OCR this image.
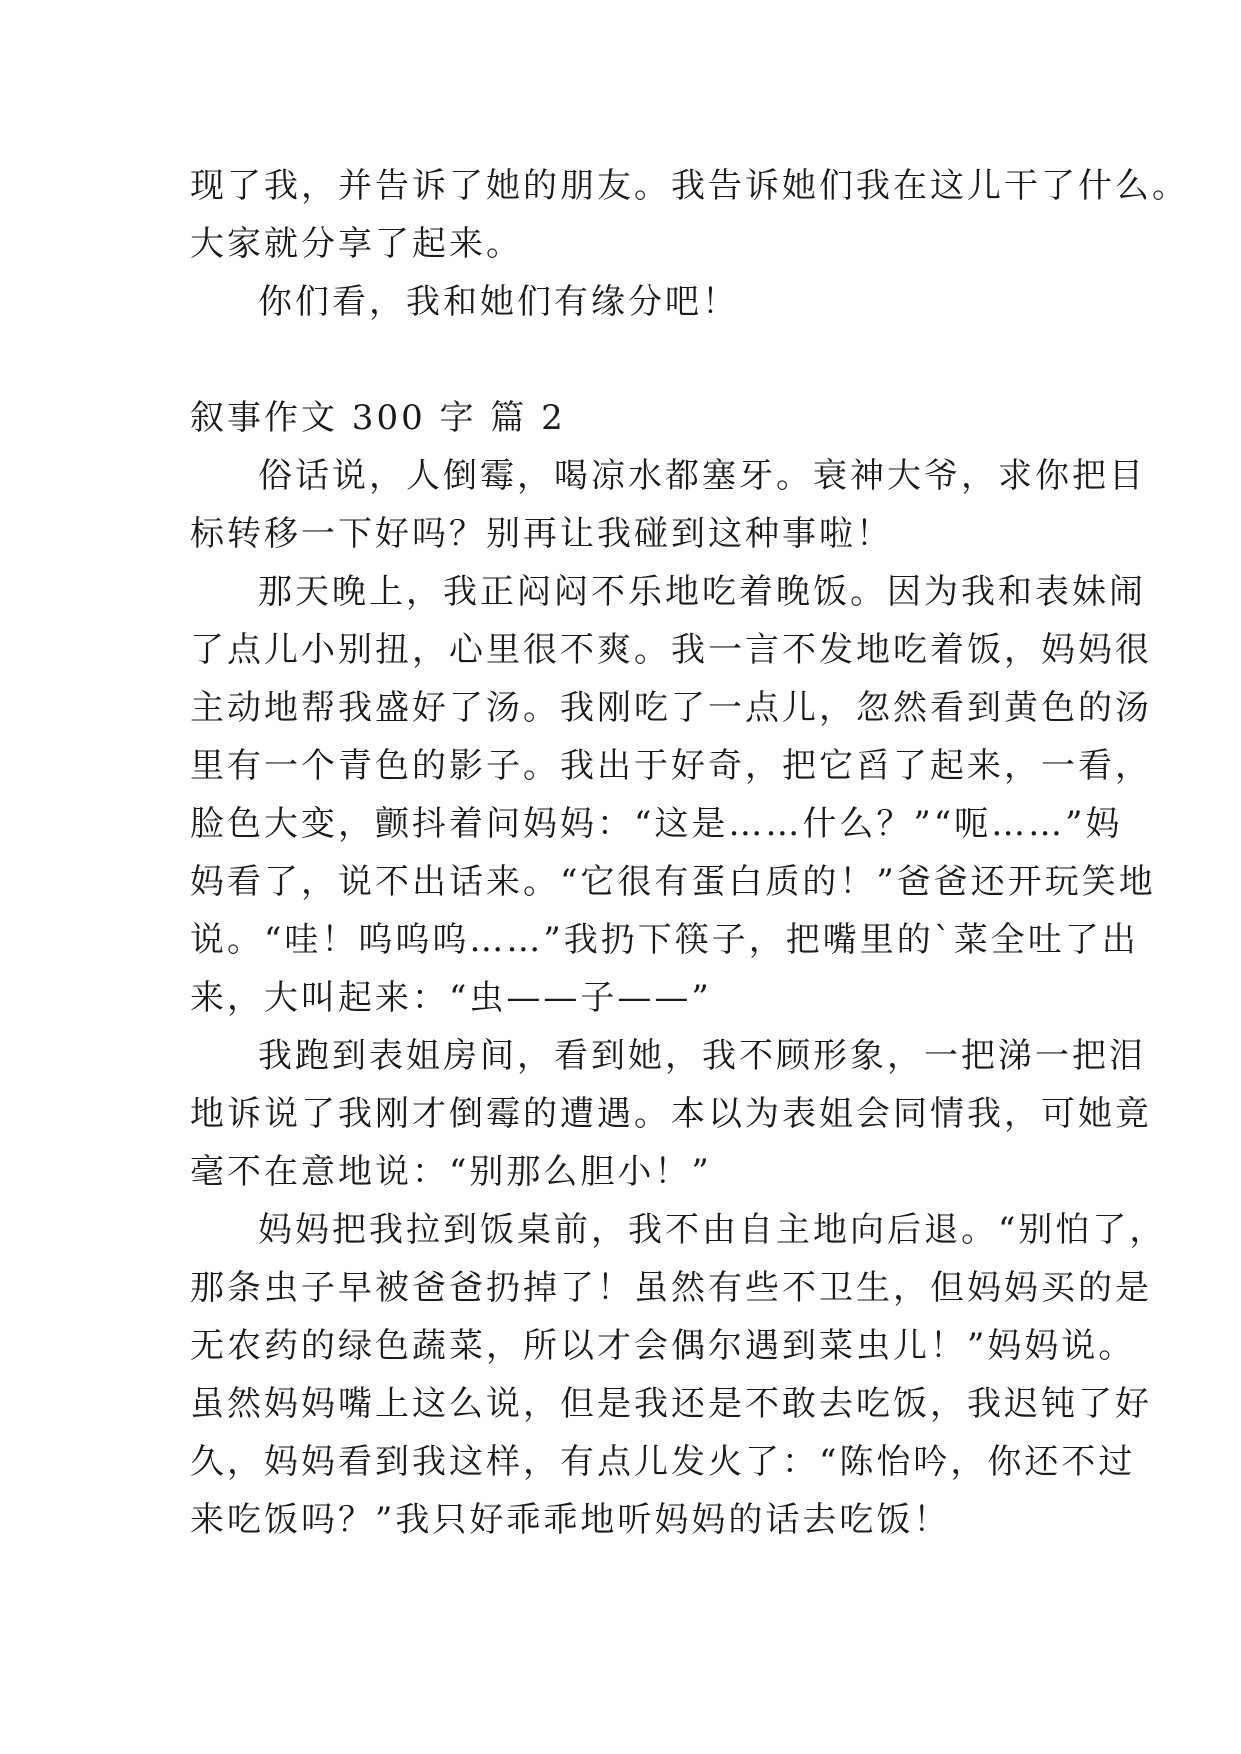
现了我，并告诉了她的朋友。我告诉她们我在这儿干了什么。
大家就分享了起来。
你们看，我和她们有缘分吧！
叙事作文 300 字 篇 2
俗话说，人倒霉，喝凉水都塞牙。衰神大爷，求你把目
标转移一下好吗？别再让我碰到这种事啦！
那天晚上，我正闷闷不乐地吃着晚饭。因为我和表妹闹
了点儿小别扭，心里很不爽。我一言不发地吃着饭，妈妈很
主动地帮我盛好了汤。我刚吃了一点儿，忽然看到黄色的汤
里有一个青色的影子。我出于好奇，把它舀了起来，一看，
脸色大变，颤抖着问妈妈：“这是……什么？”“呃……”妈
妈看了，说不出话来。“它很有蛋白质的！”爸爸还开玩笑地
说。“哇！呜呜呜……”我扔下筷子，把嘴里的`菜全吐了出
来，大叫起来：“虫——子——”
我跑到表姐房间，看到她，我不顾形象，一把涕一把泪
地诉说了我刚才倒霉的遭遇。本以为表姐会同情我，可她竟
毫不在意地说：“别那么胆小！”
妈妈把我拉到饭桌前，我不由自主地向后退。“别怕了，
那条虫子早被爸爸扔掉了！虽然有些不卫生，但妈妈买的是
无农药的绿色蔬菜，所以才会偶尔遇到菜虫儿！”妈妈说。
虽然妈妈嘴上这么说，但是我还是不敢去吃饭，我迟钝了好
久，妈妈看到我这样，有点儿发火了：“陈怡吟，你还不过
来吃饭吗？”我只好乖乖地听妈妈的话去吃饭！
